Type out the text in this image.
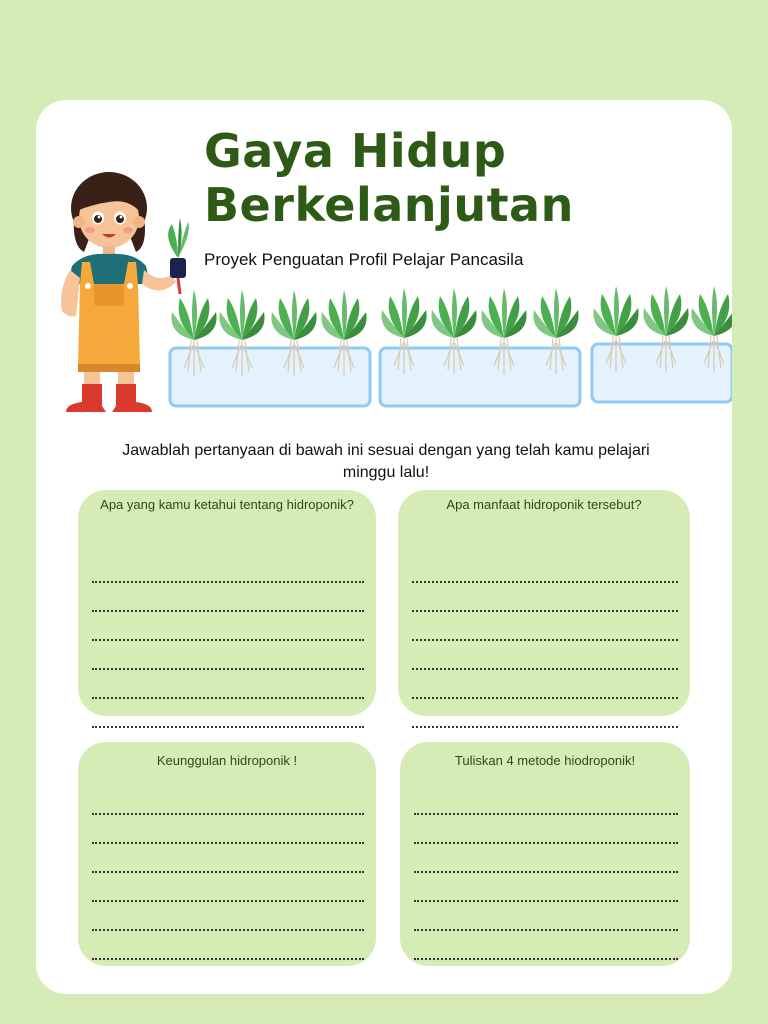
Gaya Hidup
Berkelanjutan

Proyek Penguatan Profil Pelajar Pancasila

Jawablah pertanyaan di bawah ini sesuai dengan yang telah kamu pelajari minggu lalu!

Apa yang kamu ketahui tentang hidroponik?	Apa manfaat hidroponik tersebut?

Keunggulan hidroponik !	Tuliskan 4 metode hiodroponik!
